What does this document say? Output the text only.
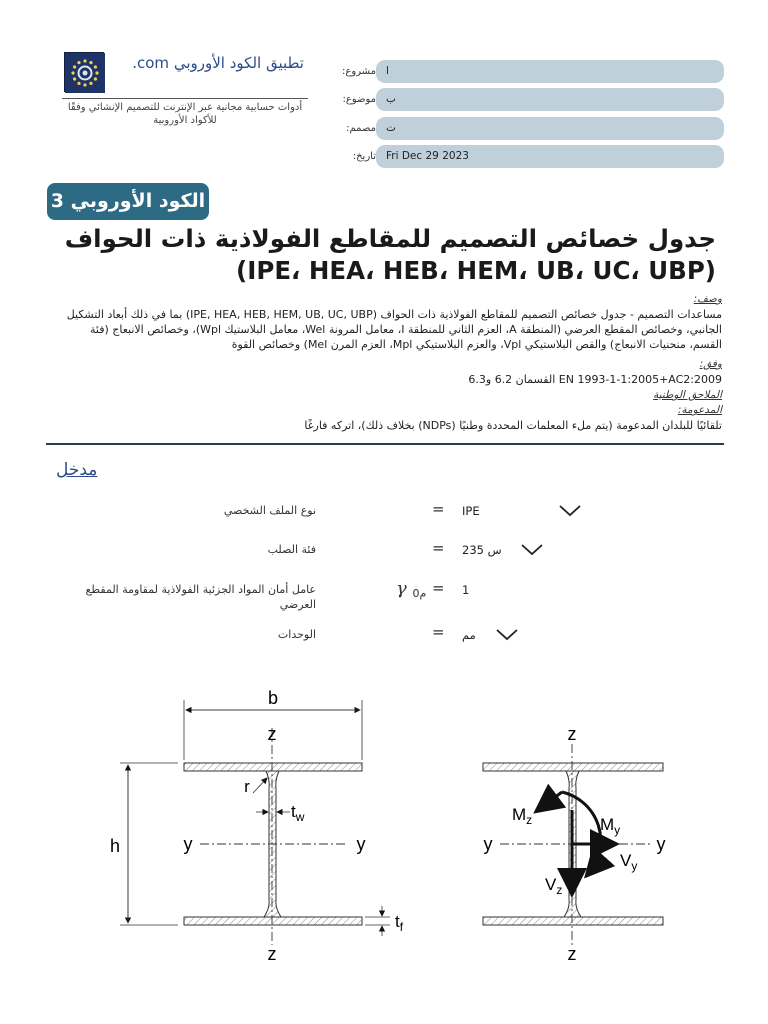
تطبيق الكود الأوروبي .com
أدوات حسابية مجانية عبر الإنترنت للتصميم الإنشائي وفقًا للأكواد الأوروبية
مشروع: ا
موضوع: ب
مصمم: ت
تاريخ: Fri Dec 29 2023
الكود الأوروبي 3
جدول خصائص التصميم للمقاطع الفولاذية ذات الحواف (IPE، HEA، HEB، HEM، UB، UC، UBP)
وصف:
مساعدات التصميم - جدول خصائص التصميم للمقاطع الفولاذية ذات الحواف (IPE, HEA, HEB, HEM, UB, UC, UBP) بما في ذلك أبعاد التشكيل الجانبي، وخصائص المقطع العرضي (المنطقة A، العزم الثاني للمنطقة I، معامل المرونة Wel، معامل البلاستيك Wpl)، وخصائص الانبعاج (فئة القسم، منحنيات الانبعاج) والقص البلاستيكي Vpl، والعزم البلاستيكي Mpl، العزم المرن Mel) وخصائص القوة
وفق:
EN 1993-1-1:2005+AC2:2009 القسمان 6.2 و6.3
الملاحق الوطنية
المدعومة:
تلقائيًا للبلدان المدعومة (يتم ملء المعلمات المحددة وطنيًا (NDPs) بخلاف ذلك)، اتركه فارغًا
مدخل
نوع الملف الشخصي	= IPE
فئة الصلب	= س 235
عامل أمان المواد الجزئية الفولاذية لمقاومة المقطع العرضي
γ م0 = 1
الوحدات	= مم
b
h
z
z
y	y
r
$t_w$
$t_f$
z
z
y	y
$M_y$
$M_z$
$V_y$
$V_z$
